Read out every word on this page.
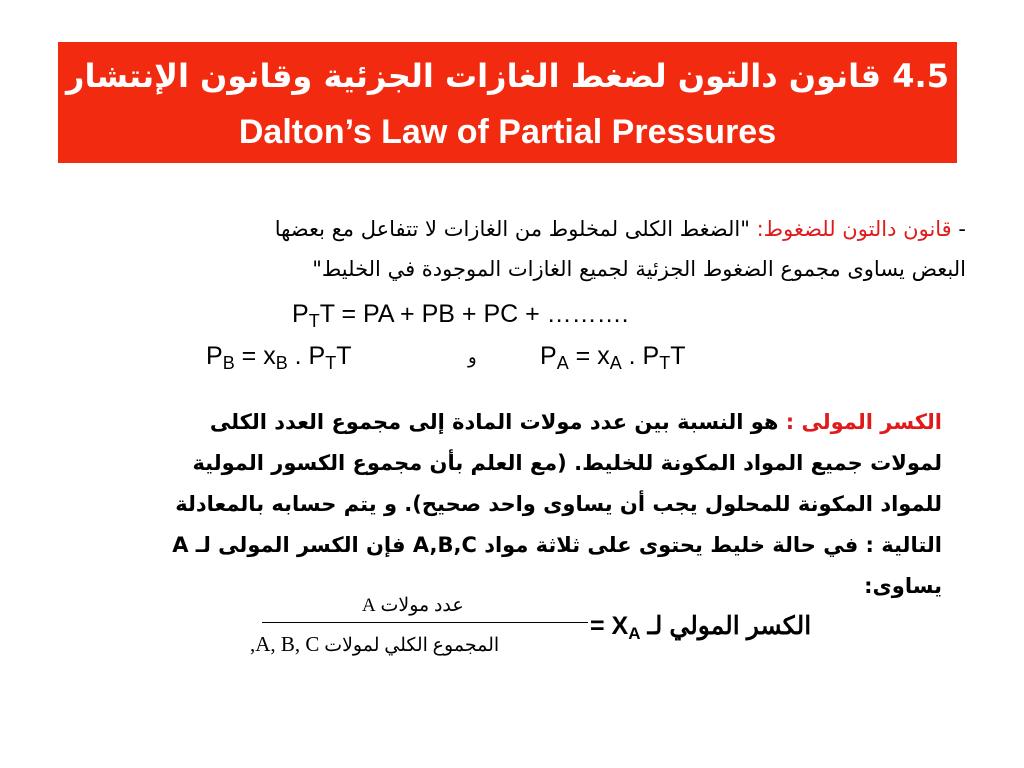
4.5 قانون دالتون لضغط الغازات الجزئية وقانون الإنتشار
Dalton’s Law of Partial Pressures
- قانون دالتون للضغوط: "الضغط الكلى لمخلوط من الغازات لا تتفاعل مع بعضها
البعض يساوى مجموع الضغوط الجزئية لجميع الغازات الموجودة في الخليط"
$P_TT$ = PA + PB + PC + ……….
$P_B = x_B$ . $P_TT$	و	$P_A = x_A$ . $P_TT$
الكسر المولى : هو النسبة بين عدد مولات المادة إلى مجموع العدد الكلى
لمولات جميع المواد المكونة للخليط. (مع العلم بأن مجموع الكسور المولية
للمواد المكونة للمحلول يجب أن يساوى واحد صحيح). و يتم حسابه بالمعادلة
التالية : في حالة خليط يحتوى على ثلاثة مواد A,B,C فإن الكسر المولى لـ A
يساوى:
عدد مولات A
المجموع الكلي لمولات A, B, C,
الكسر المولي لـ $X_A$ =
